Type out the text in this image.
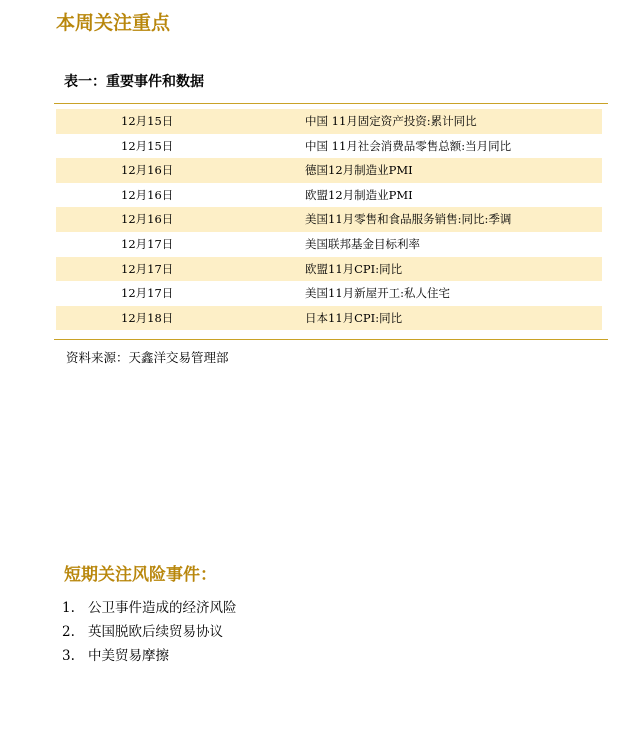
本周关注重点
表一：重要事件和数据
12月15日	中国 11月固定资产投资:累计同比
12月15日	中国 11月社会消费品零售总额:当月同比
12月16日	德国12月制造业PMI
12月16日	欧盟12月制造业PMI
12月16日	美国11月零售和食品服务销售:同比:季调
12月17日	美国联邦基金目标利率
12月17日	欧盟11月CPI:同比
12月17日	美国11月新屋开工:私人住宅
12月18日	日本11月CPI:同比

资料来源：天鑫洋交易管理部

短期关注风险事件：
1. 公卫事件造成的经济风险
2. 英国脱欧后续贸易协议
3. 中美贸易摩擦
